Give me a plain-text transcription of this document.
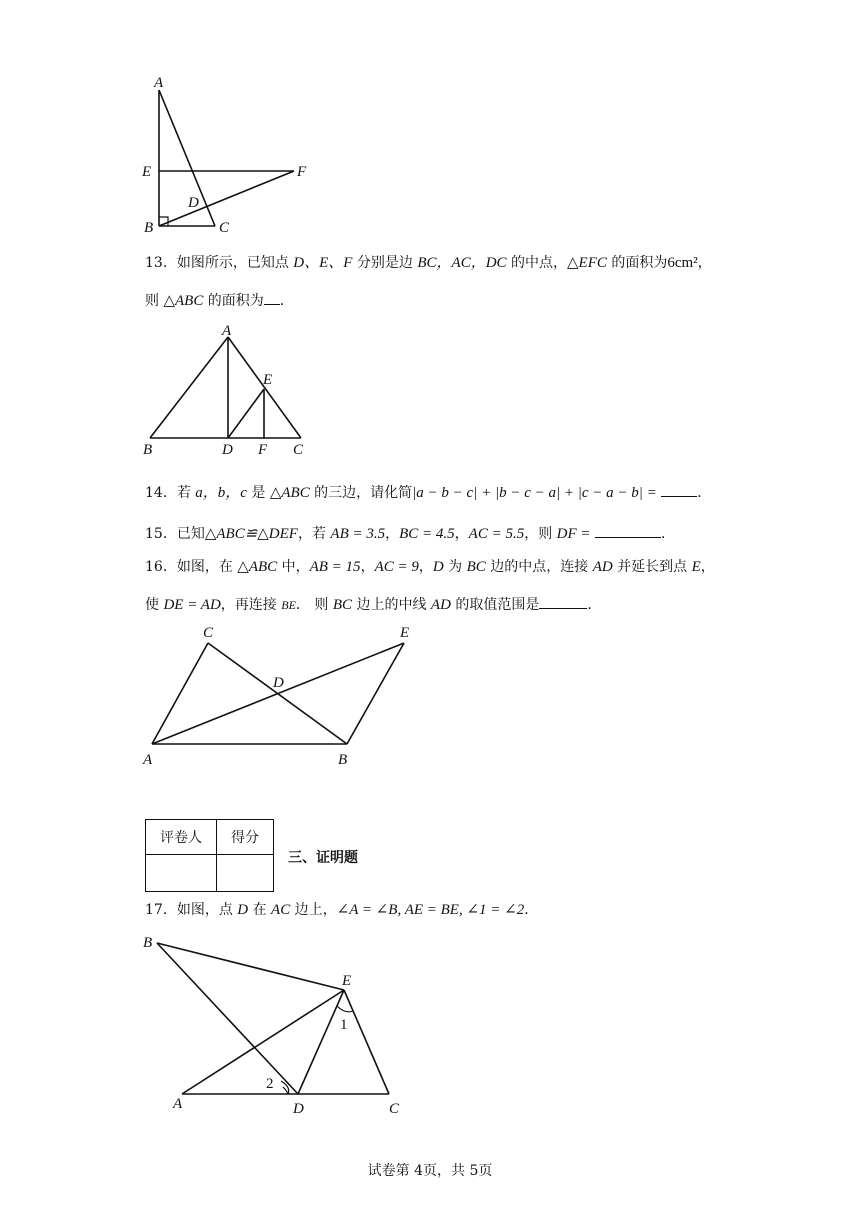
A
E	F
D
B	C
13．如图所示，已知点 D、E、F 分别是边 BC，AC，DC 的中点，△EFC 的面积为6cm²，
则 △ABC 的面积为 ．
A
E
B	D F C
14．若 a，b，c 是 △ABC 的三边，请化简|a − b − c| + |b − c − a| + |c − a − b| =	．
15．已知△ABC≌△DEF，若 AB = 3.5，BC = 4.5，AC = 5.5，则 DF =	．
16．如图，在 △ABC 中，AB = 15，AC = 9，D 为 BC 边的中点，连接 AD 并延长到点 E，
使 DE = AD，再连接 BE． 则 BC 边上的中线 AD 的取值范围是	．
C	E
D
A	B
评卷人	得分

三、证明题
17．如图，点 D 在 AC 边上，∠A = ∠B, AE = BE, ∠1 = ∠2．
B
E
1
2
A	D	C
试卷第 4页，共 5页
